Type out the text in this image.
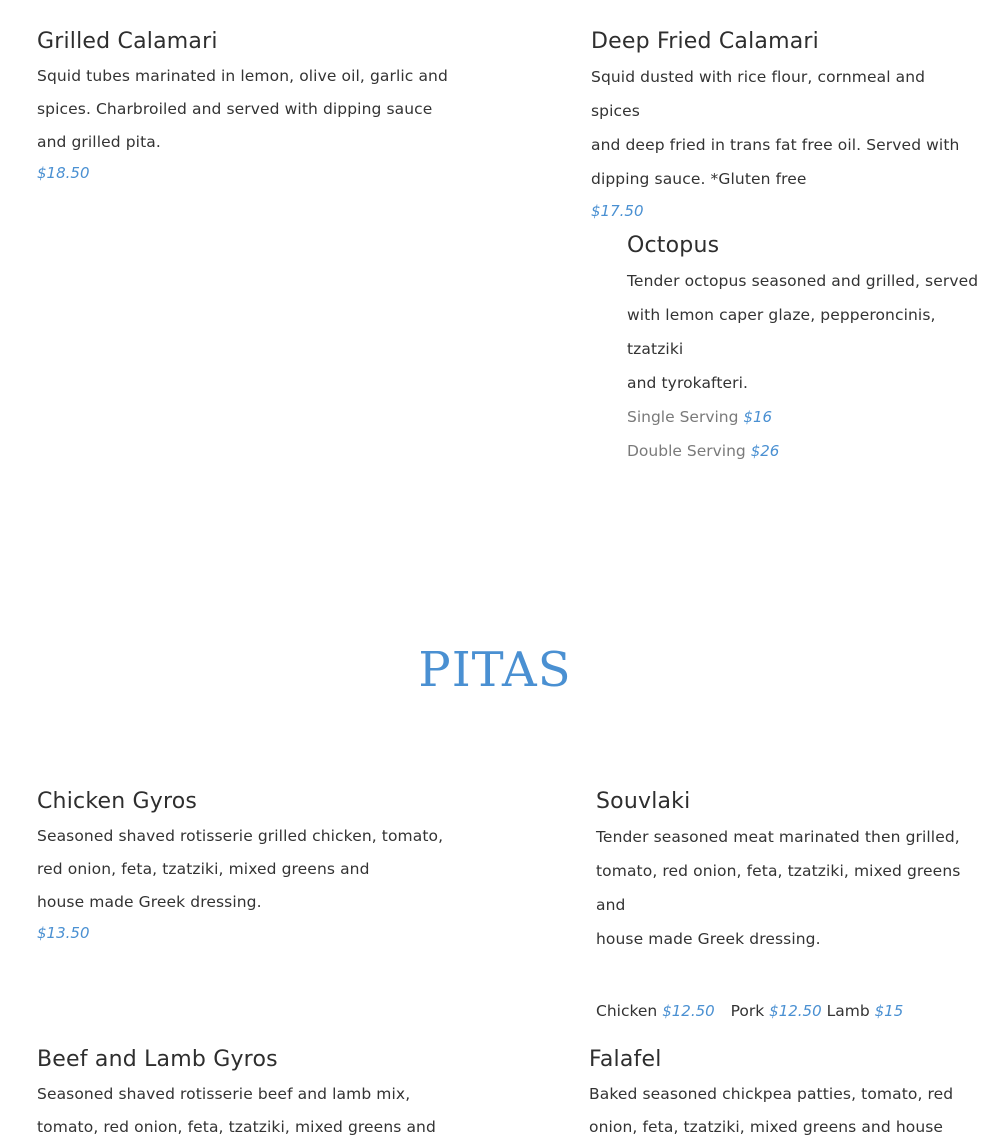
Grilled Calamari
Squid tubes marinated in lemon, olive oil, garlic and
spices. Charbroiled and served with dipping sauce
and grilled pita.

$18.50

Deep Fried Calamari
Squid dusted with rice flour, cornmeal and spices
and deep fried in trans fat free oil. Served with
dipping sauce. *Gluten free

$17.50

Octopus
Tender octopus seasoned and grilled, served
with lemon caper glaze, pepperoncinis, tzatziki
and tyrokafteri.

Single Serving $16

Double Serving $26

PITAS
Chicken Gyros
Seasoned shaved rotisserie grilled chicken, tomato,
red onion, feta, tzatziki, mixed greens and
house made Greek dressing.

$13.50

Souvlaki
Tender seasoned meat marinated then grilled,
tomato, red onion, feta, tzatziki, mixed greens and
house made Greek dressing.

Chicken $12.50 Pork $12.50 Lamb $15

Beef and Lamb Gyros
Seasoned shaved rotisserie beef and lamb mix,
tomato, red onion, feta, tzatziki, mixed greens and
Falafel
Baked seasoned chickpea patties, tomato, red
onion, feta, tzatziki, mixed greens and house
